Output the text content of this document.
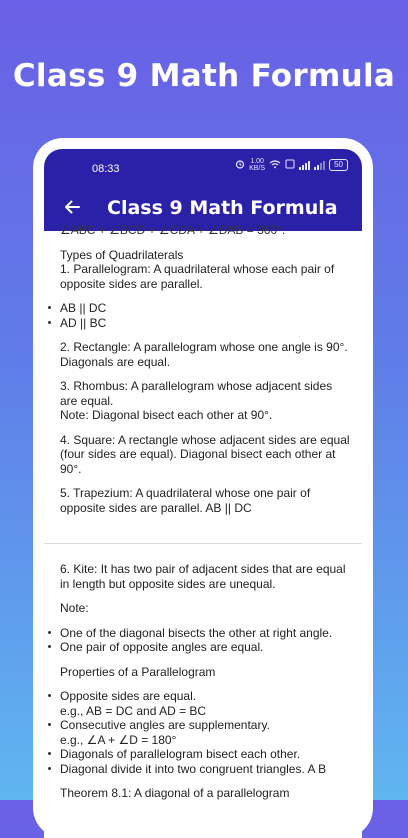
Class 9 Math Formula
08:33
1.00
KB/S	50
Class 9 Math Formula

∠ABC + ∠BCD + ∠CDA + ∠DAB = 360°.

Types of Quadrilaterals

1. Parallelogram: A quadrilateral whose each pair of opposite sides are parallel.

AB || DC
AD || BC

2. Rectangle: A parallelogram whose one angle is 90°. Diagonals are equal.

3. Rhombus: A parallelogram whose adjacent sides are equal.

Note: Diagonal bisect each other at 90°.

4. Square: A rectangle whose adjacent sides are equal (four sides are equal). Diagonal bisect each other at 90°.

5. Trapezium: A quadrilateral whose one pair of opposite sides are parallel. AB || DC

6. Kite: It has two pair of adjacent sides that are equal in length but opposite sides are unequal.

Note:

One of the diagonal bisects the other at right angle.
One pair of opposite angles are equal.

Properties of a Parallelogram

Opposite sides are equal.
e.g., AB = DC and AD = BC
Consecutive angles are supplementary.
e.g., ∠A + ∠D = 180°
Diagonals of parallelogram bisect each other.
Diagonal divide it into two congruent triangles. A B

Theorem 8.1: A diagonal of a parallelogram
